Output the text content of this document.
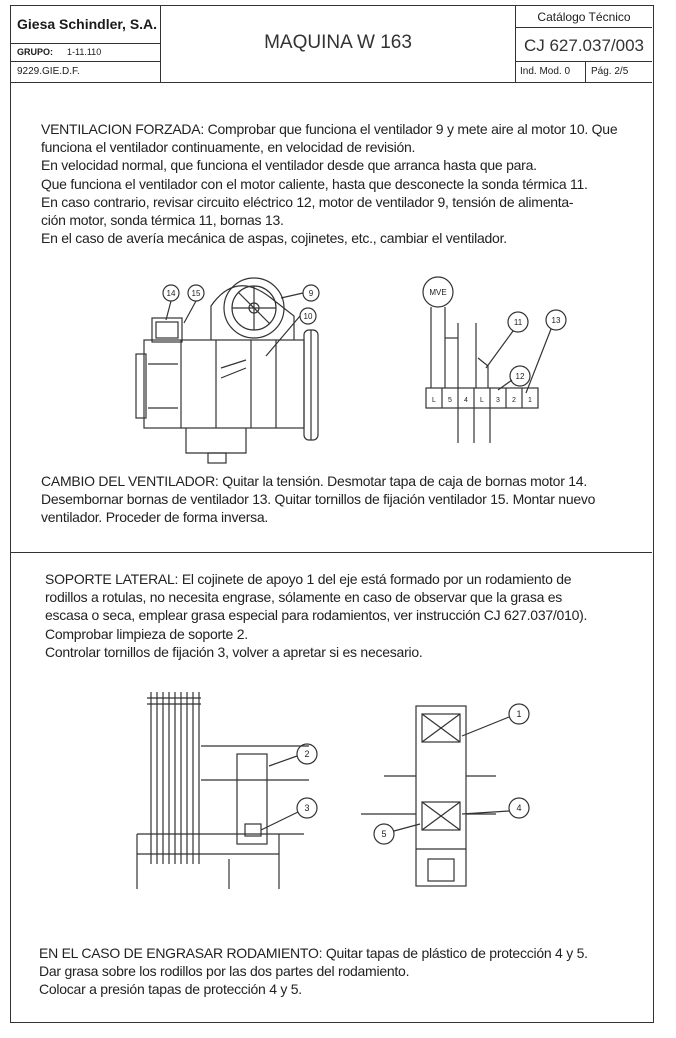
Giesa Schindler, S.A.
GRUPO: 1-11.110
9229.GIE.D.F.
MAQUINA W 163
Catálogo Técnico
CJ 627.037/003
Ind. Mod. 0	Pág. 2/5

VENTILACION FORZADA: Comprobar que funciona el ventilador 9 y mete aire al motor 10. Que

funciona el ventilador continuamente, en velocidad de revisión.

En velocidad normal, que funciona el ventilador desde que arranca hasta que para.

Que funciona el ventilador con el motor caliente, hasta que desconecte la sonda térmica 11.

En caso contrario, revisar circuito eléctrico 12, motor de ventilador 9, tensión de alimenta-

ción motor, sonda térmica 11, bornas 13.

En el caso de avería mecánica de aspas, cojinetes, etc., cambiar el ventilador.

14 15	9
10
MVE
L 5 4 L 3 2 1
11	13
12

CAMBIO DEL VENTILADOR: Quitar la tensión. Desmotar tapa de caja de bornas motor 14.

Desembornar bornas de ventilador 13. Quitar tornillos de fijación ventilador 15. Montar nuevo

ventilador. Proceder de forma inversa.

SOPORTE LATERAL: El cojinete de apoyo 1 del eje está formado por un rodamiento de

rodillos a rotulas, no necesita engrase, sólamente en caso de observar que la grasa es

escasa o seca, emplear grasa especial para rodamientos, ver instrucción CJ 627.037/010).

Comprobar limpieza de soporte 2.

Controlar tornillos de fijación 3, volver a apretar si es necesario.

2
3
1
4
5

EN EL CASO DE ENGRASAR RODAMIENTO: Quitar tapas de plástico de protección 4 y 5.

Dar grasa sobre los rodillos por las dos partes del rodamiento.

Colocar a presión tapas de protección 4 y 5.
